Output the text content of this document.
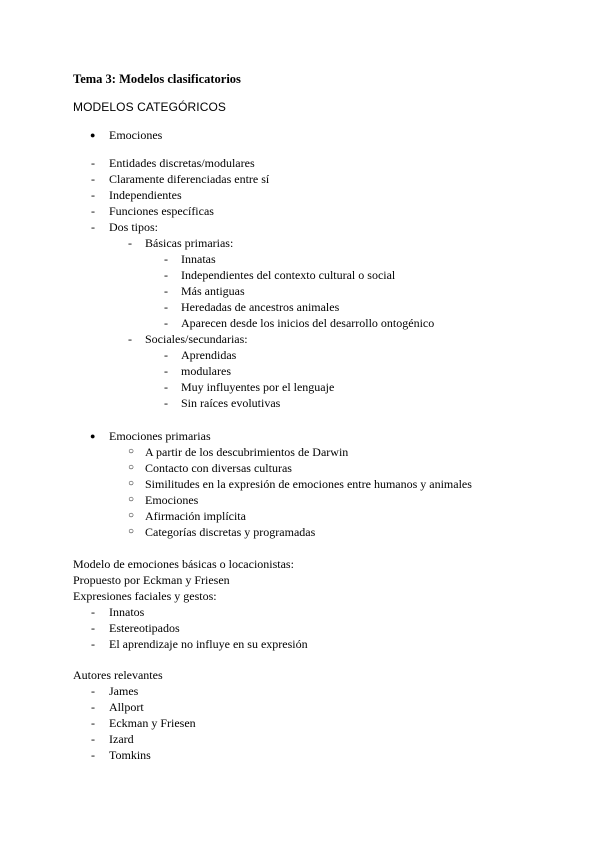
Tema 3: Modelos clasificatorios
MODELOS CATEGÓRICOS
● Emociones
- Entidades discretas/modulares
- Claramente diferenciadas entre sí
- Independientes
- Funciones específicas
- Dos tipos:
- Básicas primarias:
- Innatas
- Independientes del contexto cultural o social
- Más antiguas
- Heredadas de ancestros animales
- Aparecen desde los inicios del desarrollo ontogénico
- Sociales/secundarias:
- Aprendidas
- modulares
- Muy influyentes por el lenguaje
- Sin raíces evolutivas
● Emociones primarias
○ A partir de los descubrimientos de Darwin
○ Contacto con diversas culturas
○ Similitudes en la expresión de emociones entre humanos y animales
○ Emociones
○ Afirmación implícita
○ Categorías discretas y programadas
Modelo de emociones básicas o locacionistas:
Propuesto por Eckman y Friesen
Expresiones faciales y gestos:
- Innatos
- Estereotipados
- El aprendizaje no influye en su expresión
Autores relevantes
- James
- Allport
- Eckman y Friesen
- Izard
- Tomkins
